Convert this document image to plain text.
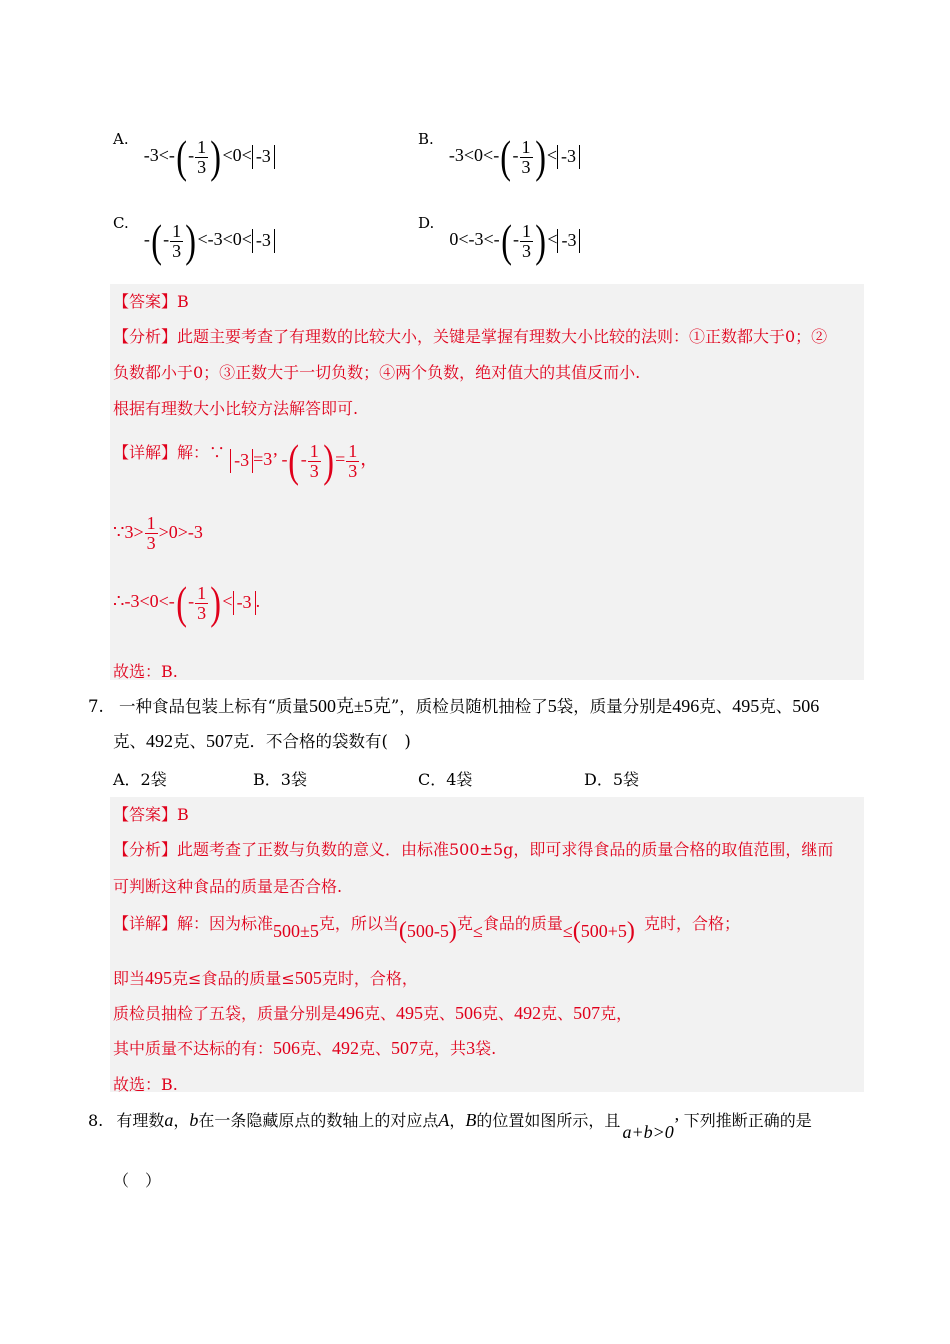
A. $-3<-(- \frac{1}{3} )<0< -3$
B. $-3<0<-(- \frac{1}{3}$ )< -3
C. -(- $\frac{1}{3} )<-3<0< -3$
D. $0<-3<-(- \frac{1}{3}$ )< -3
【答案】B
【分析】此题主要考查了有理数的比较大小，关键是掌握有理数大小比较的法则：①正数都大于0；②
负数都小于0；③正数大于一切负数；④两个负数，绝对值大的其值反而小.
根据有理数大小比较方法解答即可.
【详解】解：∵ -3 =3’ -(- $\frac{1}{3}$ )= $\frac{1}{3}$ ，
∵3> $\frac{1}{3} >0>-3$
∴-3<0<-(- $\frac{1}{3}$ )< -3 .
故选：B.
7. 一种食品包装上标有“质量500克±5克”，质检员随机抽检了5袋，质量分别是496克、495克、506
克、492克、507克．不合格的袋数有(　)
A．2袋	B．3袋	C．4袋	D．5袋
【答案】B
【分析】此题考查了正数与负数的意义．由标准500±5g，即可求得食品的质量合格的取值范围，继而
可判断这种食品的质量是否合格.
【详解】解：因为标准500±5克，所以当(500-5)克≤食品的质量≤(500+5) 克时，合格；
即当495克≤食品的质量≤505克时，合格，
质检员抽检了五袋，质量分别是496克、495克、506克、492克、507克，
其中质量不达标的有：506克、492克、507克，共3袋.
故选：B.
8. 有理数a，b在一条隐藏原点的数轴上的对应点A，B的位置如图所示，且a+b>0’ 下列推断正确的是
（　）
